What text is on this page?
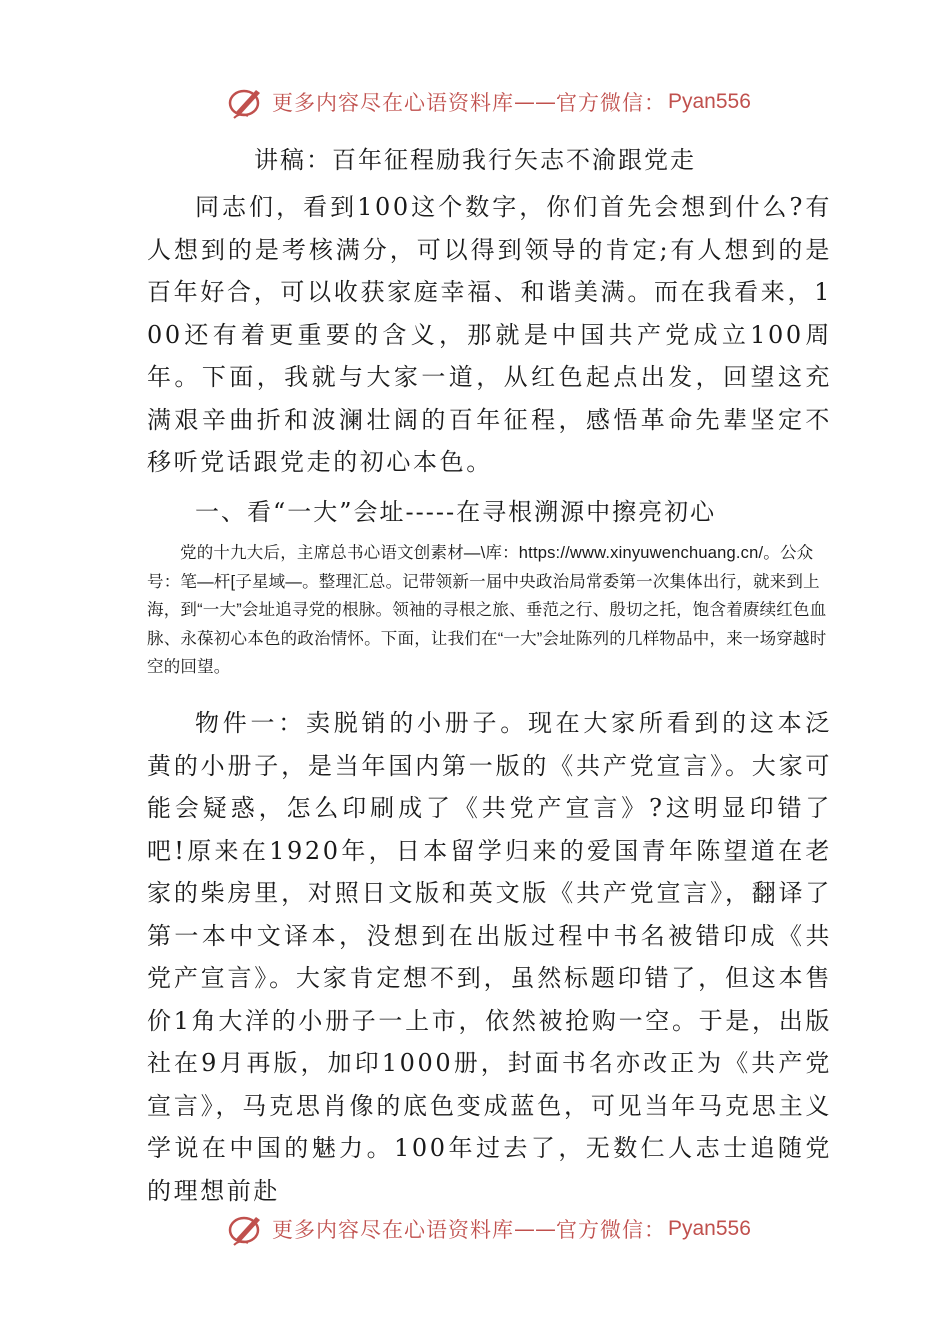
更多内容尽在心语资料库 —— 官方微信： Pyan556
讲稿：百年征程励我行矢志不渝跟党走

同志们，看到100这个数字，你们首先会想到什么?有人想到的是考核满分，可以得到领导的肯定;有人想到的是百年好合，可以收获家庭幸福、和谐美满。而在我看来，100还有着更重要的含义，那就是中国共产党成立100周年。下面，我就与大家一道，从红色起点出发，回望这充满艰辛曲折和波澜壮阔的百年征程，感悟革命先辈坚定不移听党话跟党走的初心本色。

一、看“一大”会址-----在寻根溯源中擦亮初心

党的十九大后，主席总书心语文创素材—\库：https://www.xinyuwenchuang.cn/。公众号：笔—杆[子星域—。整理汇总。记带领新一届中央政治局常委第一次集体出行，就来到上海，到“一大”会址追寻党的根脉。领袖的寻根之旅、垂范之行、殷切之托，饱含着赓续红色血脉、永葆初心本色的政治情怀。下面，让我们在“一大”会址陈列的几样物品中，来一场穿越时空的回望。

物件一：卖脱销的小册子。现在大家所看到的这本泛黄的小册子，是当年国内第一版的《共产党宣言》。大家可能会疑惑，怎么印刷成了《共党产宣言》?这明显印错了吧!原来在1920年，日本留学归来的爱国青年陈望道在老家的柴房里，对照日文版和英文版《共产党宣言》，翻译了第一本中文译本，没想到在出版过程中书名被错印成《共党产宣言》。大家肯定想不到，虽然标题印错了，但这本售价1角大洋的小册子一上市，依然被抢购一空。于是，出版社在9月再版，加印1000册，封面书名亦改正为《共产党宣言》，马克思肖像的底色变成蓝色，可见当年马克思主义学说在中国的魅力。100年过去了，无数仁人志士追随党的理想前赴

更多内容尽在心语资料库 —— 官方微信： Pyan556
